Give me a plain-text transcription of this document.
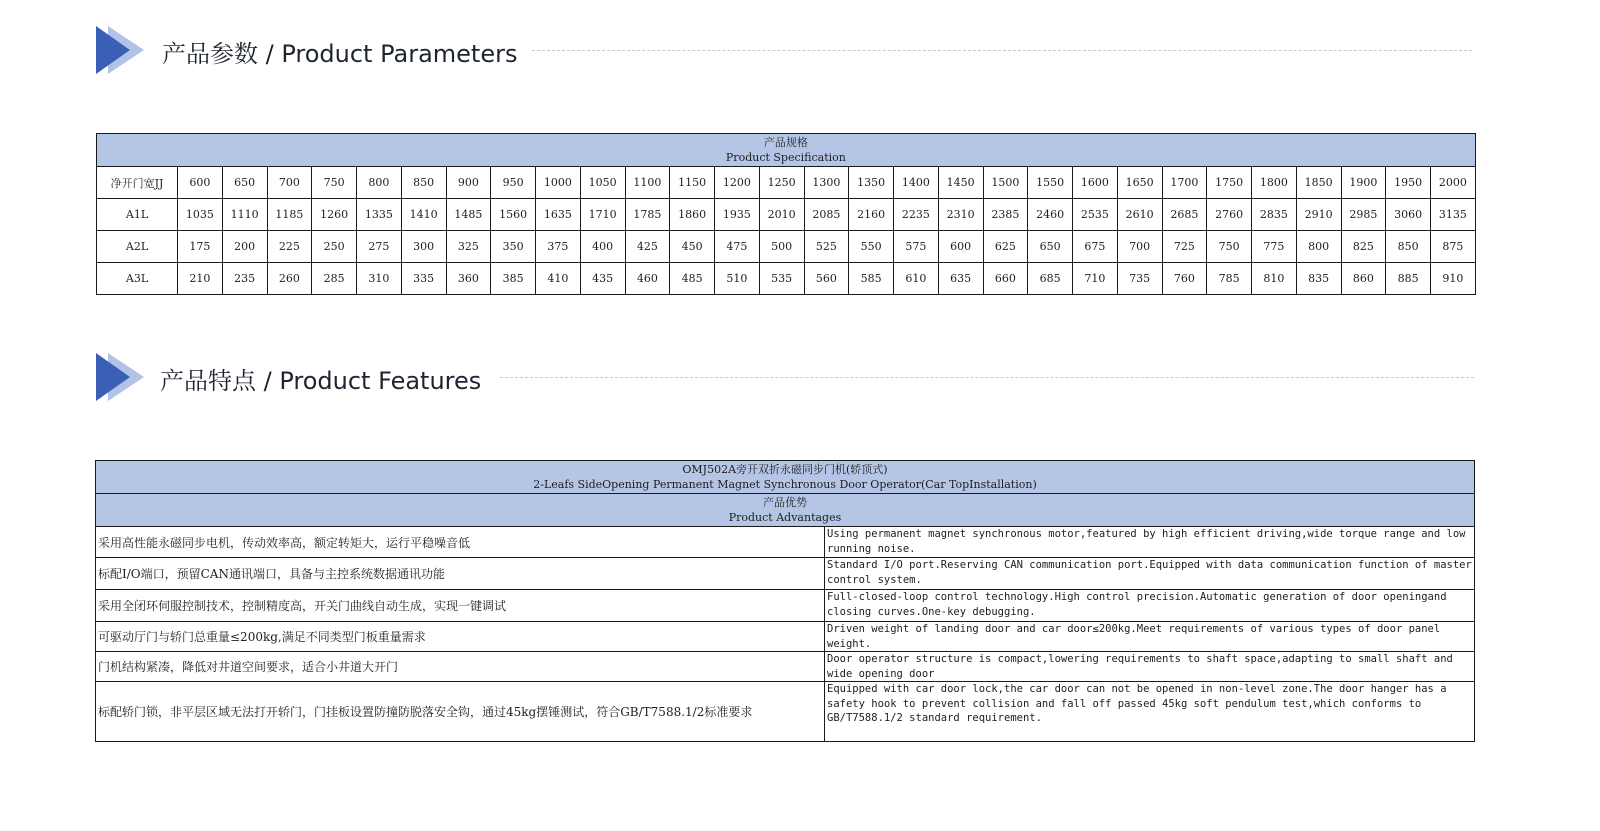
产品参数 / Product Parameters
产品规格
Product Specification																													

净开门宽JJ	600	650	700	750	800	850	900	950	1000	1050	1100	1150	1200	1250	1300	1350	1400	1450	1500	1550	1600	1650	1700	1750	1800	1850	1900	1950	2000
A1L	1035	1110	1185	1260	1335	1410	1485	1560	1635	1710	1785	1860	1935	2010	2085	2160	2235	2310	2385	2460	2535	2610	2685	2760	2835	2910	2985	3060	3135
A2L	175	200	225	250	275	300	325	350	375	400	425	450	475	500	525	550	575	600	625	650	675	700	725	750	775	800	825	850	875
A3L	210	235	260	285	310	335	360	385	410	435	460	485	510	535	560	585	610	635	660	685	710	735	760	785	810	835	860	885	910
产品特点 / Product Features
OMJ502A旁开双折永磁同步门机(轿顶式)
2-Leafs SideOpening Permanent Magnet Synchronous Door Operator(Car TopInstallation)	

产品优势
Product Advantages	

采用高性能永磁同步电机，传动效率高，额定转矩大，运行平稳噪音低	Using permanent magnet synchronous motor,featured by high efficient driving,wide torque range and low running noise.
标配I/O端口，预留CAN通讯端口，具备与主控系统数据通讯功能	Standard I/O port.Reserving CAN communication port.Equipped with data communication function of master control system.
采用全闭环伺服控制技术，控制精度高，开关门曲线自动生成，实现一键调试	Full-closed-loop control technology.High control precision.Automatic generation of door openingand closing curves.One-key debugging.
可驱动厅门与轿门总重量≤200kg,满足不同类型门板重量需求	Driven weight of landing door and car door≤200kg.Meet requirements of various types of door panel weight.
门机结构紧凑，降低对井道空间要求，适合小井道大开门	Door operator structure is compact,lowering requirements to shaft space,adapting to small shaft and wide opening door
标配轿门锁，非平层区域无法打开轿门，门挂板设置防撞防脱落安全钩，通过45kg摆锤测试，符合GB/T7588.1/2标准要求	Equipped with car door lock,the car door can not be opened in non-level zone.The door hanger has a safety hook to prevent collision and fall off passed 45kg soft pendulum test,which conforms to GB/T7588.1/2 standard requirement.
